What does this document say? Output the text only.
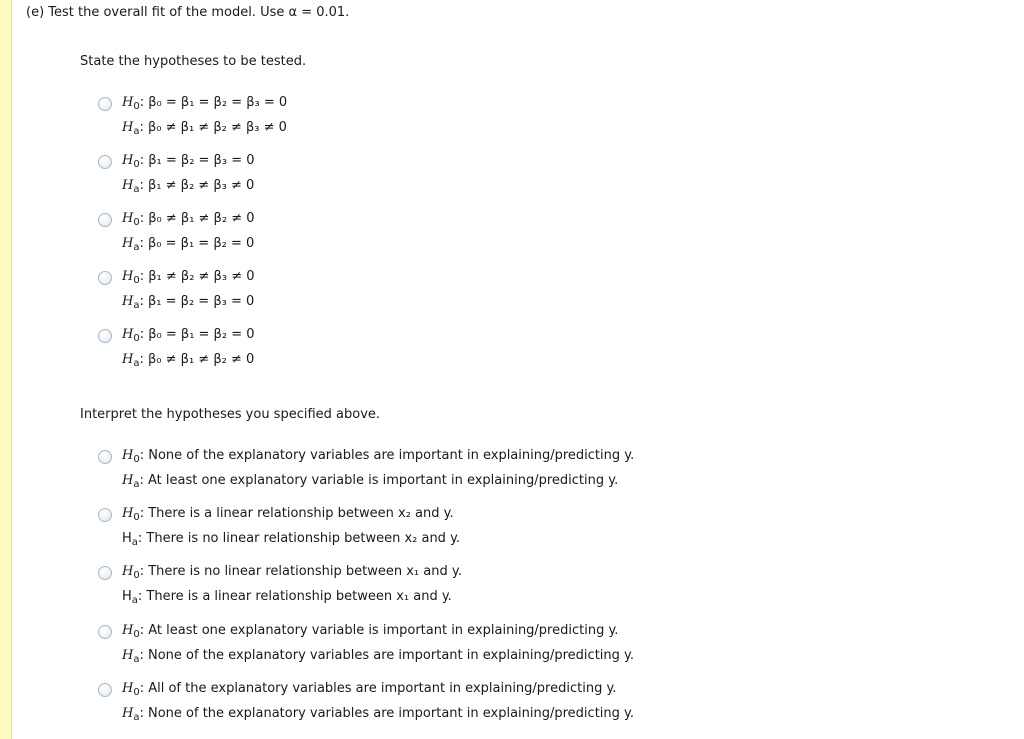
(e) Test the overall fit of the model. Use α = 0.01.
State the hypotheses to be tested.
$H_0$: β₀ = β₁ = β₂ = β₃ = 0
$H_a$: β₀ ≠ β₁ ≠ β₂ ≠ β₃ ≠ 0
$H_0$: β₁ = β₂ = β₃ = 0
$H_a$: β₁ ≠ β₂ ≠ β₃ ≠ 0
$H_0$: β₀ ≠ β₁ ≠ β₂ ≠ 0
$H_a$: β₀ = β₁ = β₂ = 0
$H_0$: β₁ ≠ β₂ ≠ β₃ ≠ 0
$H_a$: β₁ = β₂ = β₃ = 0
$H_0$: β₀ = β₁ = β₂ = 0
$H_a$: β₀ ≠ β₁ ≠ β₂ ≠ 0
Interpret the hypotheses you specified above.
$H_0$: None of the explanatory variables are important in explaining/predicting y.
$H_a$: At least one explanatory variable is important in explaining/predicting y.
$H_0$: There is a linear relationship between x₂ and y.
$H_a$: There is no linear relationship between x₂ and y.
$H_0$: There is no linear relationship between x₁ and y.
$H_a$: There is a linear relationship between x₁ and y.
$H_0$: At least one explanatory variable is important in explaining/predicting y.
$H_a$: None of the explanatory variables are important in explaining/predicting y.
$H_0$: All of the explanatory variables are important in explaining/predicting y.
$H_a$: None of the explanatory variables are important in explaining/predicting y.
